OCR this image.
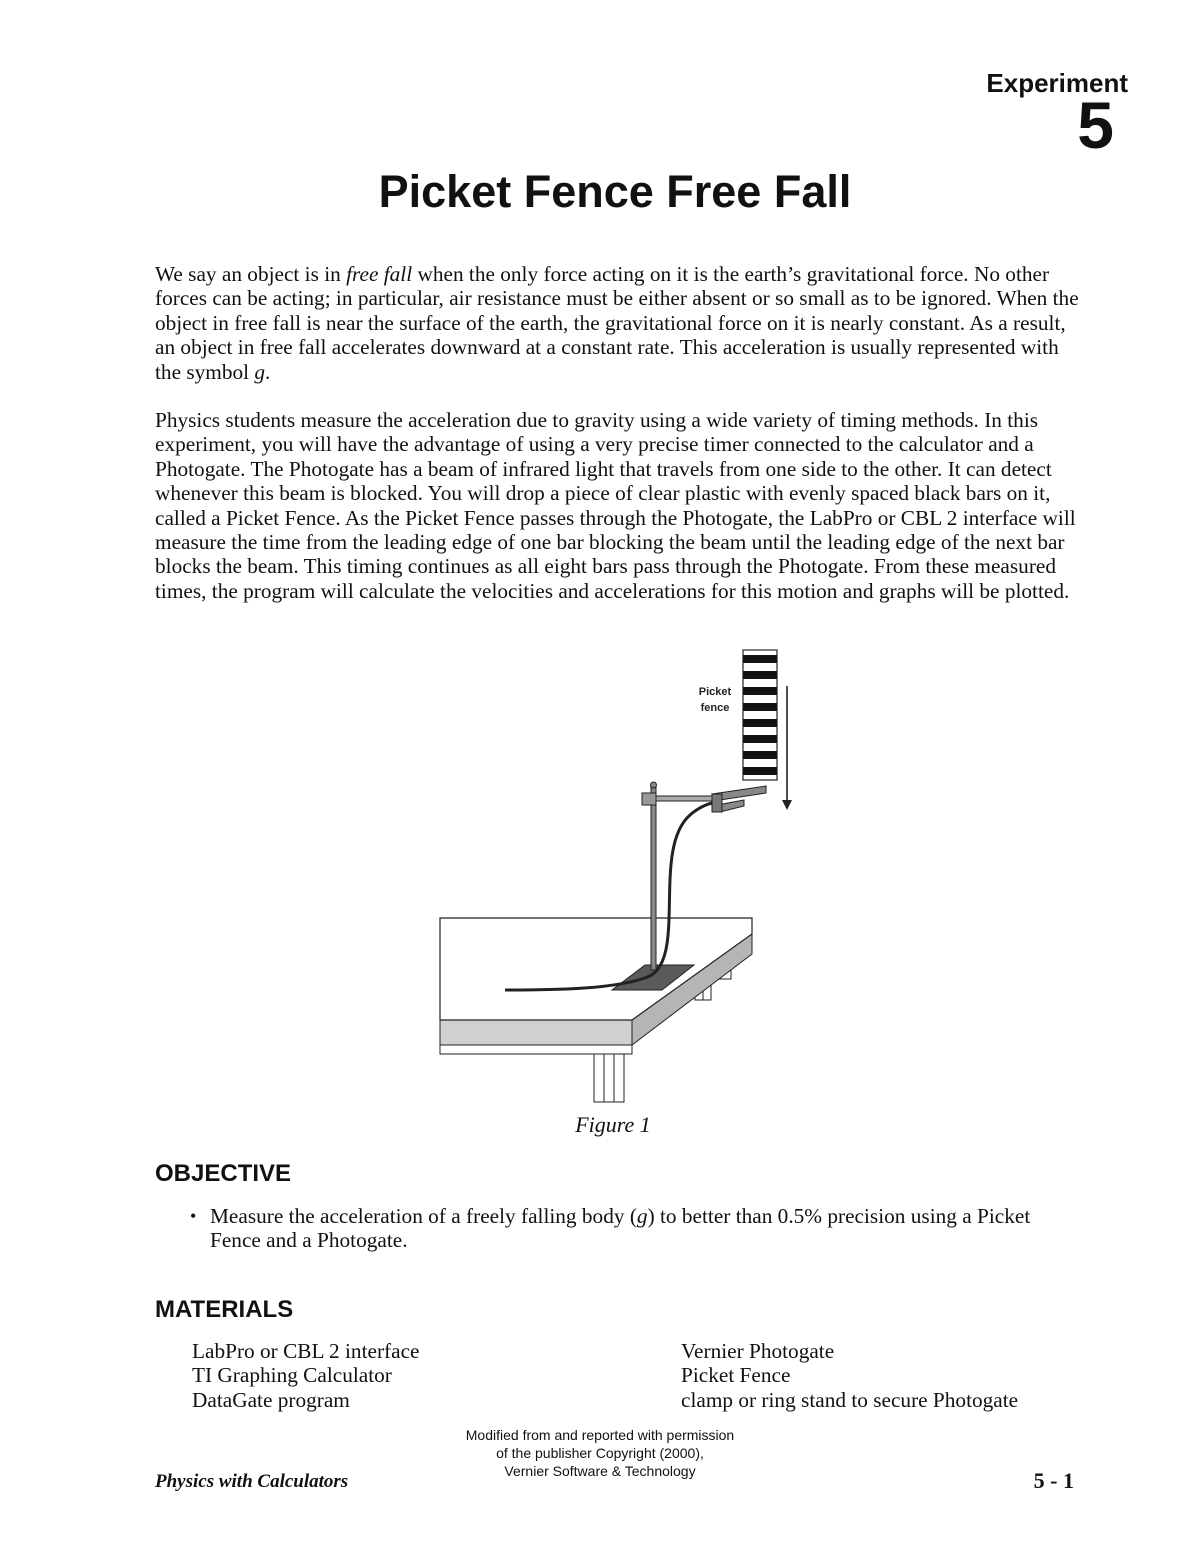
Experiment
5
Picket Fence Free Fall

We say an object is in free fall when the only force acting on it is the earth’s gravitational force. No other forces can be acting; in particular, air resistance must be either absent or so small as to be ignored. When the object in free fall is near the surface of the earth, the gravitational force on it is nearly constant. As a result, an object in free fall accelerates downward at a constant rate. This acceleration is usually represented with the symbol g.

Physics students measure the acceleration due to gravity using a wide variety of timing methods. In this experiment, you will have the advantage of using a very precise timer connected to the calculator and a Photogate. The Photogate has a beam of infrared light that travels from one side to the other. It can detect whenever this beam is blocked. You will drop a piece of clear plastic with evenly spaced black bars on it, called a Picket Fence. As the Picket Fence passes through the Photogate, the LabPro or CBL 2 interface will measure the time from the leading edge of one bar blocking the beam until the leading edge of the next bar blocks the beam. This timing continues as all eight bars pass through the Photogate. From these measured times, the program will calculate the velocities and accelerations for this motion and graphs will be plotted.

Picket
fence
Figure 1
OBJECTIVE
• Measure the acceleration of a freely falling body (g) to better than 0.5% precision using a Picket Fence and a Photogate.
MATERIALS
LabPro or CBL 2 interface
TI Graphing Calculator
DataGate program
Vernier Photogate
Picket Fence
clamp or ring stand to secure Photogate
Modified from and reported with permission
of the publisher Copyright (2000),
Vernier Software & Technology
Physics with Calculators	5 - 1
